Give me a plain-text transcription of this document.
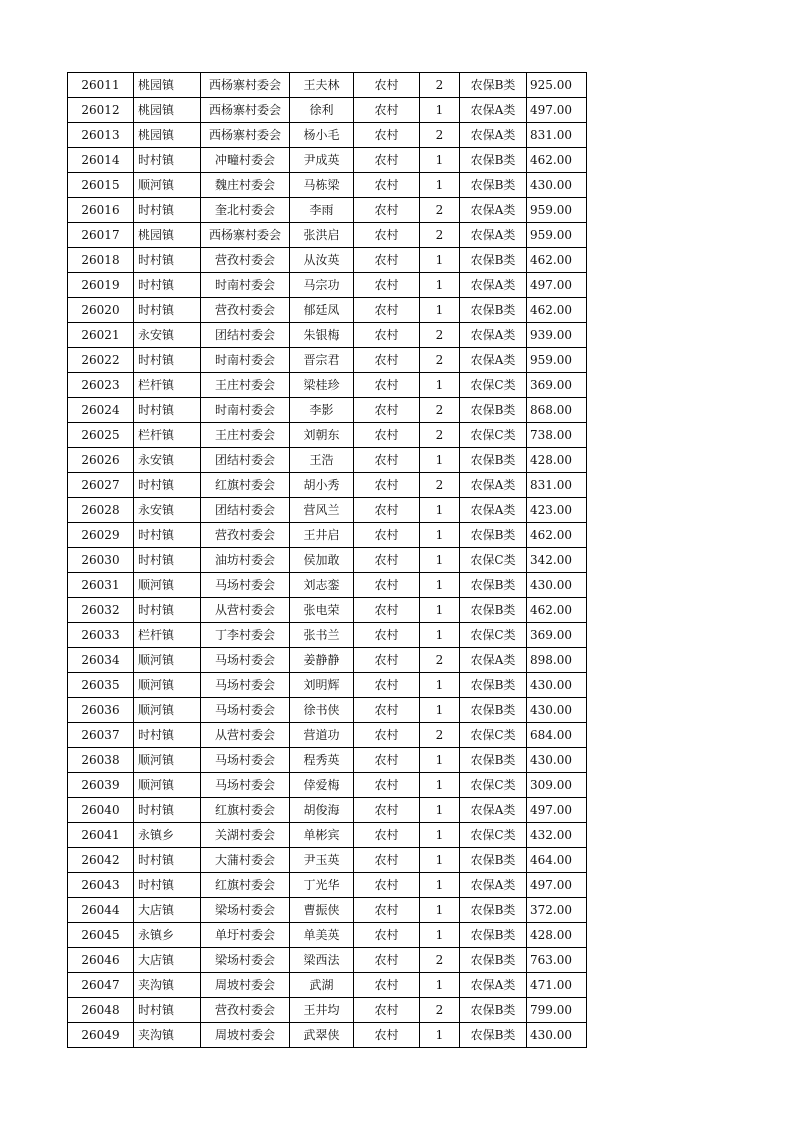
26011	桃园镇	西杨寨村委会	王夫林	农村	2	农保B类	925.00
26012	桃园镇	西杨寨村委会	徐利	农村	1	农保A类	497.00
26013	桃园镇	西杨寨村委会	杨小毛	农村	2	农保A类	831.00
26014	时村镇	冲疃村委会	尹成英	农村	1	农保B类	462.00
26015	顺河镇	魏庄村委会	马栋梁	农村	1	农保B类	430.00
26016	时村镇	奎北村委会	李雨	农村	2	农保A类	959.00
26017	桃园镇	西杨寨村委会	张洪启	农村	2	农保A类	959.00
26018	时村镇	营孜村委会	从汝英	农村	1	农保B类	462.00
26019	时村镇	时南村委会	马宗功	农村	1	农保A类	497.00
26020	时村镇	营孜村委会	郁廷凤	农村	1	农保B类	462.00
26021	永安镇	团结村委会	朱银梅	农村	2	农保A类	939.00
26022	时村镇	时南村委会	晋宗君	农村	2	农保A类	959.00
26023	栏杆镇	王庄村委会	梁桂珍	农村	1	农保C类	369.00
26024	时村镇	时南村委会	李影	农村	2	农保B类	868.00
26025	栏杆镇	王庄村委会	刘朝东	农村	2	农保C类	738.00
26026	永安镇	团结村委会	王浩	农村	1	农保B类	428.00
26027	时村镇	红旗村委会	胡小秀	农村	2	农保A类	831.00
26028	永安镇	团结村委会	营风兰	农村	1	农保A类	423.00
26029	时村镇	营孜村委会	王井启	农村	1	农保B类	462.00
26030	时村镇	油坊村委会	侯加敢	农村	1	农保C类	342.00
26031	顺河镇	马场村委会	刘志銮	农村	1	农保B类	430.00
26032	时村镇	从营村委会	张电荣	农村	1	农保B类	462.00
26033	栏杆镇	丁李村委会	张书兰	农村	1	农保C类	369.00
26034	顺河镇	马场村委会	姜静静	农村	2	农保A类	898.00
26035	顺河镇	马场村委会	刘明辉	农村	1	农保B类	430.00
26036	顺河镇	马场村委会	徐书侠	农村	1	农保B类	430.00
26037	时村镇	从营村委会	营道功	农村	2	农保C类	684.00
26038	顺河镇	马场村委会	程秀英	农村	1	农保B类	430.00
26039	顺河镇	马场村委会	倖爱梅	农村	1	农保C类	309.00
26040	时村镇	红旗村委会	胡俊海	农村	1	农保A类	497.00
26041	永镇乡	关湖村委会	单彬宾	农村	1	农保C类	432.00
26042	时村镇	大蒲村委会	尹玉英	农村	1	农保B类	464.00
26043	时村镇	红旗村委会	丁光华	农村	1	农保A类	497.00
26044	大店镇	梁场村委会	曹振侠	农村	1	农保B类	372.00
26045	永镇乡	单圩村委会	单美英	农村	1	农保B类	428.00
26046	大店镇	梁场村委会	梁西法	农村	2	农保B类	763.00
26047	夹沟镇	周坡村委会	武湖	农村	1	农保A类	471.00
26048	时村镇	营孜村委会	王井均	农村	2	农保B类	799.00
26049	夹沟镇	周坡村委会	武翠侠	农村	1	农保B类	430.00
